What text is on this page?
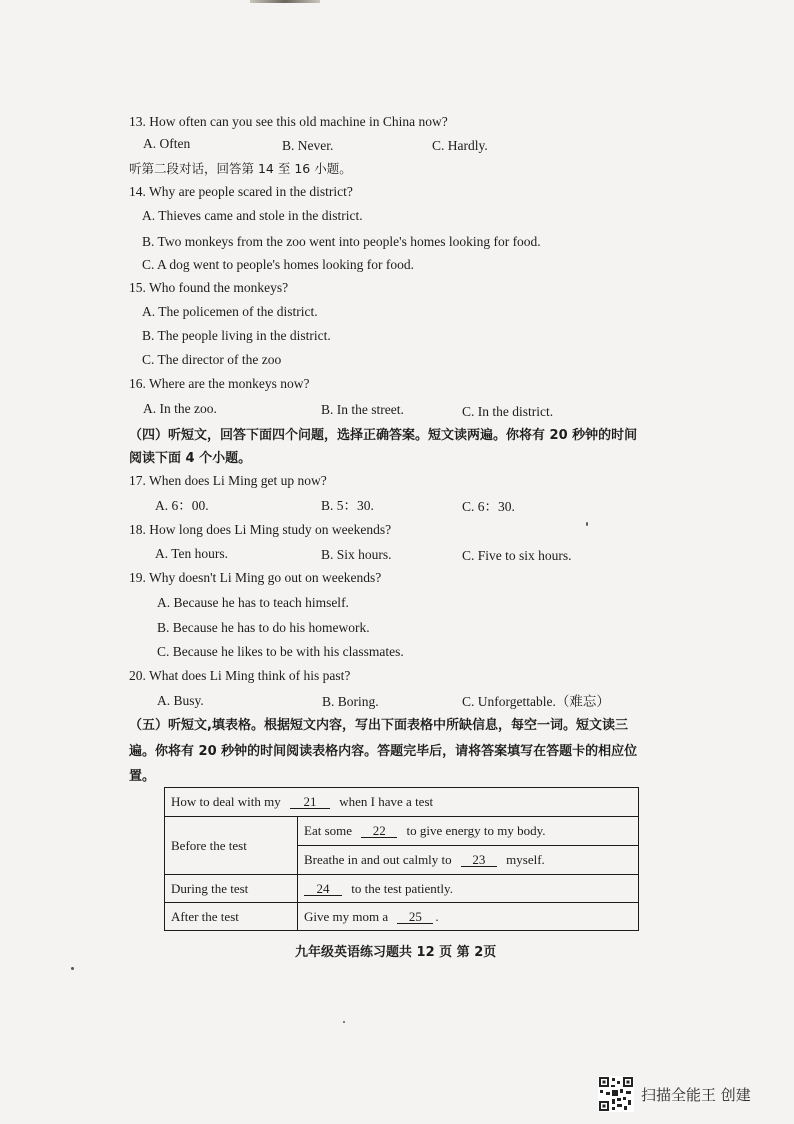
13. How often can you see this old machine in China now?
A. Often	B. Never.	C. Hardly.
听第二段对话，回答第 14 至 16 小题。
14. Why are people scared in the district?
A. Thieves came and stole in the district.
B. Two monkeys from the zoo went into people's homes looking for food.
C. A dog went to people's homes looking for food.
15. Who found the monkeys?
A. The policemen of the district.
B. The people living in the district.
C. The director of the zoo
16. Where are the monkeys now?
A. In the zoo.	B. In the street.	C. In the district.
（四）听短文，回答下面四个问题，选择正确答案。短文读两遍。你将有 20 秒钟的时间
阅读下面 4 个小题。
17. When does Li Ming get up now?
A. 6：00.	B. 5：30.	C. 6：30.
18. How long does Li Ming study on weekends?
A. Ten hours.	B. Six hours.	C. Five to six hours.
19. Why doesn't Li Ming go out on weekends?
A. Because he has to teach himself.
B. Because he has to do his homework.
C. Because he likes to be with his classmates.
20. What does Li Ming think of his past?
A. Busy.	B. Boring.	C. Unforgettable.（难忘）
（五）听短文,填表格。根据短文内容，写出下面表格中所缺信息，每空一词。短文读三
遍。你将有 20 秒钟的时间阅读表格内容。答题完毕后，请将答案填写在答题卡的相应位
置。
How to deal with my 21 when I have a test	
Before the test	Eat some 22 to give energy to my body.
	Breathe in and out calmly to 23 myself.
During the test	24 to the test patiently.
After the test	Give my mom a 25 .
九年级英语练习题共 12 页 第 2页
扫描全能王 创建
